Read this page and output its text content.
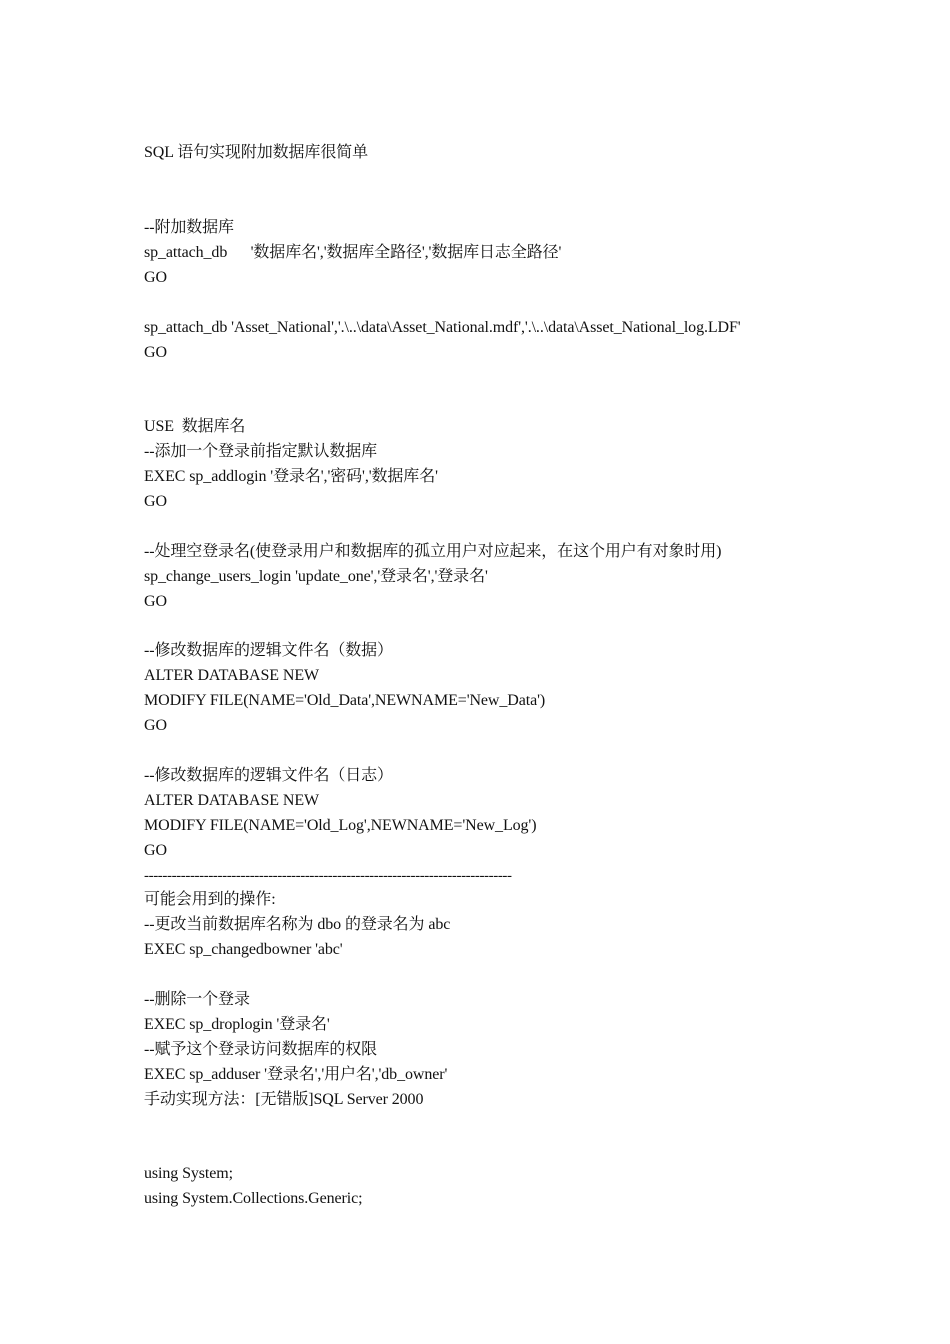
SQL 语句实现附加数据库很简单
--附加数据库
sp_attach_db      '数据库名','数据库全路径','数据库日志全路径'
GO
sp_attach_db 'Asset_National','.\..\data\Asset_National.mdf','.\..\data\Asset_National_log.LDF'
GO
USE  数据库名
--添加一个登录前指定默认数据库
EXEC sp_addlogin '登录名','密码','数据库名'
GO
--处理空登录名(使登录用户和数据库的孤立用户对应起来，在这个用户有对象时用)
sp_change_users_login 'update_one','登录名','登录名'
GO
--修改数据库的逻辑文件名（数据）
ALTER DATABASE NEW
MODIFY FILE(NAME='Old_Data',NEWNAME='New_Data')
GO
--修改数据库的逻辑文件名（日志）
ALTER DATABASE NEW
MODIFY FILE(NAME='Old_Log',NEWNAME='New_Log')
GO
--------------------------------------------------------------------------------
可能会用到的操作:
--更改当前数据库名称为 dbo 的登录名为 abc
EXEC sp_changedbowner 'abc'
--删除一个登录
EXEC sp_droplogin '登录名'
--赋予这个登录访问数据库的权限
EXEC sp_adduser '登录名','用户名','db_owner'
手动实现方法：[无错版]SQL Server 2000
using System;
using System.Collections.Generic;
